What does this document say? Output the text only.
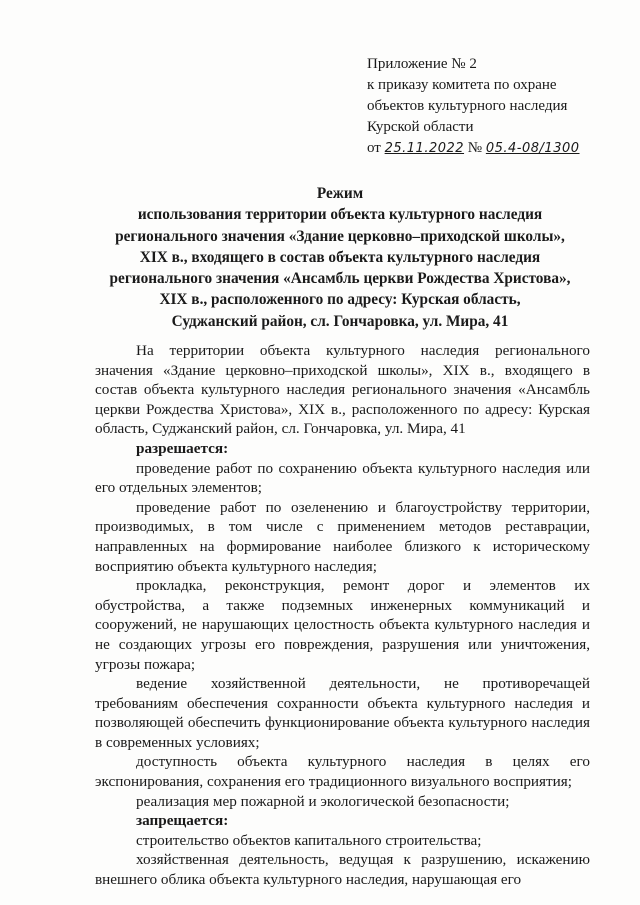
Приложение № 2
к приказу комитета по охране
объектов культурного наследия
Курской области
от 25.11.2022 № 05.4-08/1300
Режим
использования территории объекта культурного наследия
регионального значения «Здание церковно–приходской школы»,
XIX в., входящего в состав объекта культурного наследия
регионального значения «Ансамбль церкви Рождества Христова»,
XIX в., расположенного по адресу: Курская область,
Суджанский район, сл. Гончаровка, ул. Мира, 41

На территории объекта культурного наследия регионального значения «Здание церковно–приходской школы», XIX в., входящего в состав объекта культурного наследия регионального значения «Ансамбль церкви Рождества Христова», XIX в., расположенного по адресу: Курская область, Суджанский район, сл. Гончаровка, ул. Мира, 41

разрешается:

проведение работ по сохранению объекта культурного наследия или его отдельных элементов;

проведение работ по озеленению и благоустройству территории, производимых, в том числе с применением методов реставрации, направленных на формирование наиболее близкого к историческому восприятию объекта культурного наследия;

прокладка, реконструкция, ремонт дорог и элементов их обустройства, а также подземных инженерных коммуникаций и сооружений, не нарушающих целостность объекта культурного наследия и не создающих угрозы его повреждения, разрушения или уничтожения, угрозы пожара;

ведение хозяйственной деятельности, не противоречащей требованиям обеспечения сохранности объекта культурного наследия и позволяющей обеспечить функционирование объекта культурного наследия в современных условиях;

доступность объекта культурного наследия в целях его экспонирования, сохранения его традиционного визуального восприятия;

реализация мер пожарной и экологической безопасности;

запрещается:

строительство объектов капитального строительства;

хозяйственная деятельность, ведущая к разрушению, искажению внешнего облика объекта культурного наследия, нарушающая его
